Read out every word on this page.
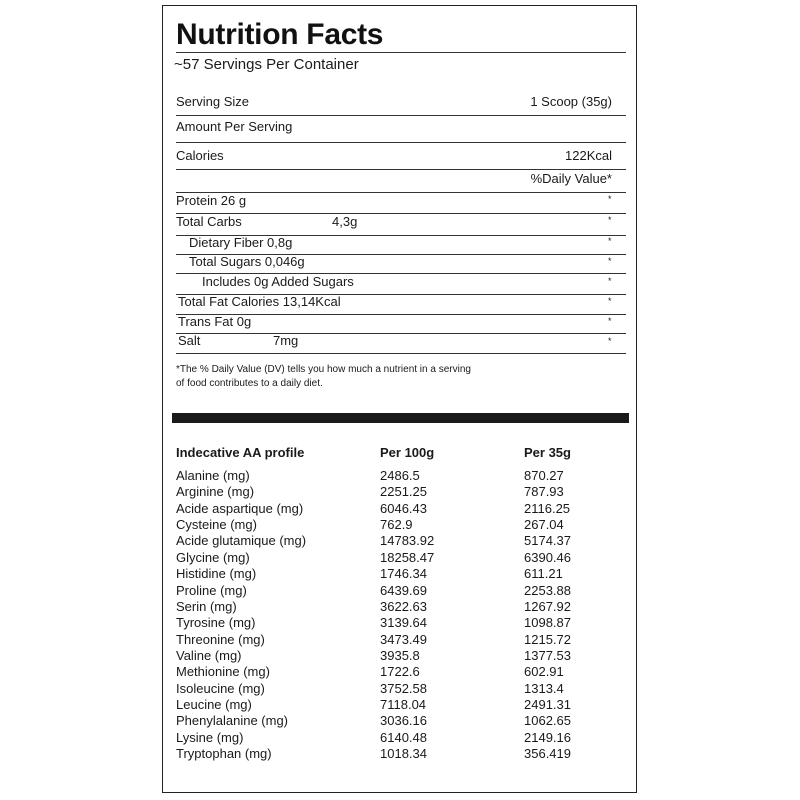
Nutrition Facts
~57 Servings Per Container
Serving Size	1 Scoop (35g)
Amount Per Serving
Calories	122Kcal
%Daily Value*
Protein 26 g	*
Total Carbs	4,3g	*
Dietary Fiber 0,8g	*
Total Sugars 0,046g	*
Includes 0g Added Sugars	*
Total Fat Calories 13,14Kcal	*
Trans Fat 0g	*
Salt	7mg	*
*The % Daily Value (DV) tells you how much a nutrient in a serving
of food contributes to a daily diet.
Indecative AA profile	Per 100g	Per 35g
Alanine (mg)	2486.5	870.27
Arginine (mg)	2251.25	787.93
Acide aspartique (mg)	6046.43	2116.25
Cysteine (mg)	762.9	267.04
Acide glutamique (mg)	14783.92	5174.37
Glycine (mg)	18258.47	6390.46
Histidine (mg)	1746.34	611.21
Proline (mg)	6439.69	2253.88
Serin (mg)	3622.63	1267.92
Tyrosine (mg)	3139.64	1098.87
Threonine (mg)	3473.49	1215.72
Valine (mg)	3935.8	1377.53
Methionine (mg)	1722.6	602.91
Isoleucine (mg)	3752.58	1313.4
Leucine (mg)	7118.04	2491.31
Phenylalanine (mg)	3036.16	1062.65
Lysine (mg)	6140.48	2149.16
Tryptophan (mg)	1018.34	356.419
